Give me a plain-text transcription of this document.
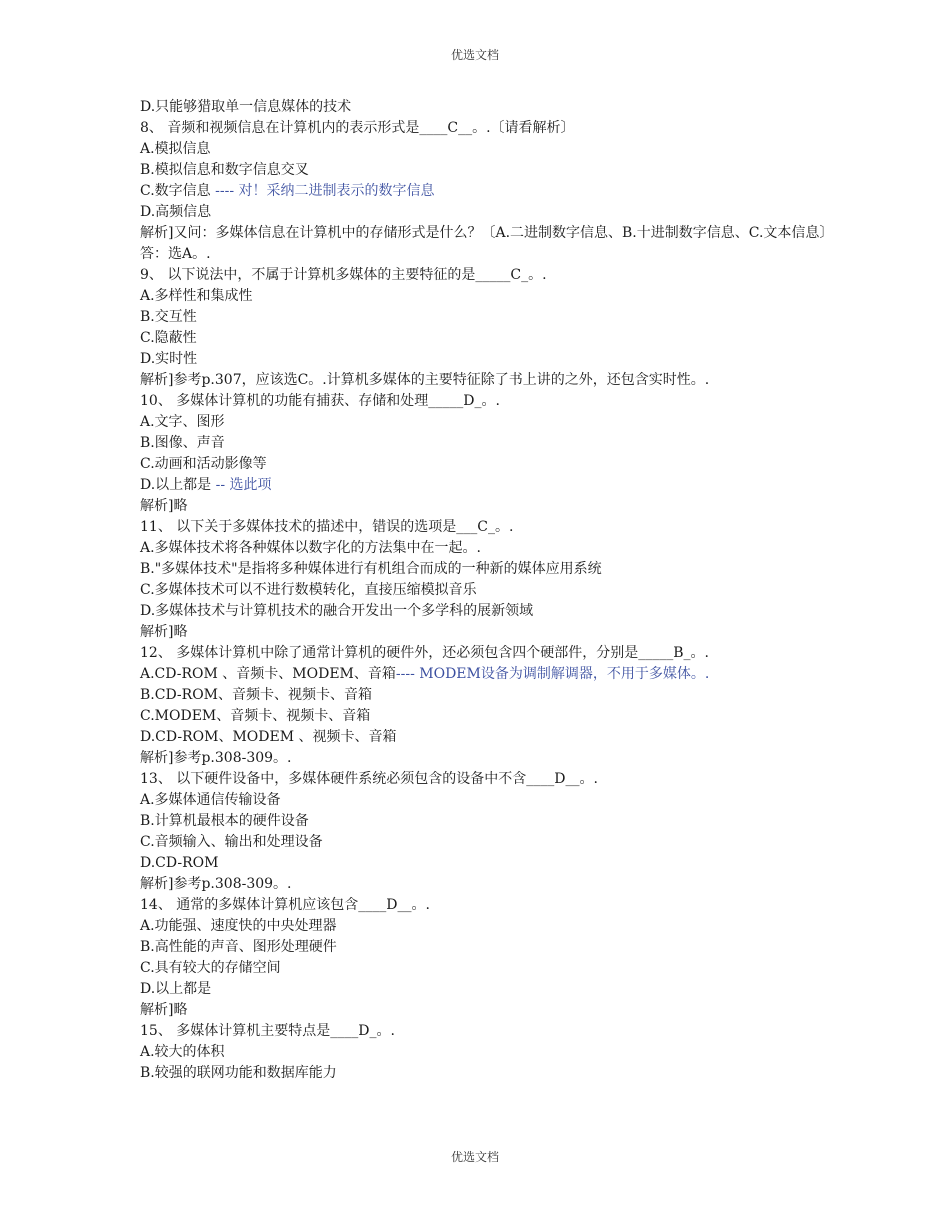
优选文档
D.只能够猎取单一信息媒体的技术
8、 音频和视频信息在计算机内的表示形式是____C__。.〔请看解析〕
A.模拟信息
B.模拟信息和数字信息交叉
C.数字信息 ---- 对！采纳二进制表示的数字信息
D.高频信息
解析]又问：多媒体信息在计算机中的存储形式是什么？〔A.二进制数字信息、B.十进制数字信息、C.文本信息〕答：选A。.
9、 以下说法中，不属于计算机多媒体的主要特征的是_____C_。.
A.多样性和集成性
B.交互性
C.隐蔽性
D.实时性
解析]参考p.307，应该选C。.计算机多媒体的主要特征除了书上讲的之外，还包含实时性。.
10、 多媒体计算机的功能有捕获、存储和处理_____D_。.
A.文字、图形
B.图像、声音
C.动画和活动影像等
D.以上都是 -- 选此项
解析]略
11、 以下关于多媒体技术的描述中，错误的选项是___C_。.
A.多媒体技术将各种媒体以数字化的方法集中在一起。.
B."多媒体技术"是指将多种媒体进行有机组合而成的一种新的媒体应用系统
C.多媒体技术可以不进行数模转化，直接压缩模拟音乐
D.多媒体技术与计算机技术的融合开发出一个多学科的展新领域
解析]略
12、 多媒体计算机中除了通常计算机的硬件外，还必须包含四个硬部件，分别是_____B_。.
A.CD-ROM 、音频卡、MODEM、音箱---- MODEM设备为调制解调器，不用于多媒体。.
B.CD-ROM、音频卡、视频卡、音箱
C.MODEM、音频卡、视频卡、音箱
D.CD-ROM、MODEM 、视频卡、音箱
解析]参考p.308-309。.
13、 以下硬件设备中，多媒体硬件系统必须包含的设备中不含____D__。.
A.多媒体通信传输设备
B.计算机最根本的硬件设备
C.音频输入、输出和处理设备
D.CD-ROM
解析]参考p.308-309。.
14、 通常的多媒体计算机应该包含____D__。.
A.功能强、速度快的中央处理器
B.高性能的声音、图形处理硬件
C.具有较大的存储空间
D.以上都是
解析]略
15、 多媒体计算机主要特点是____D_。.
A.较大的体积
B.较强的联网功能和数据库能力
优选文档
